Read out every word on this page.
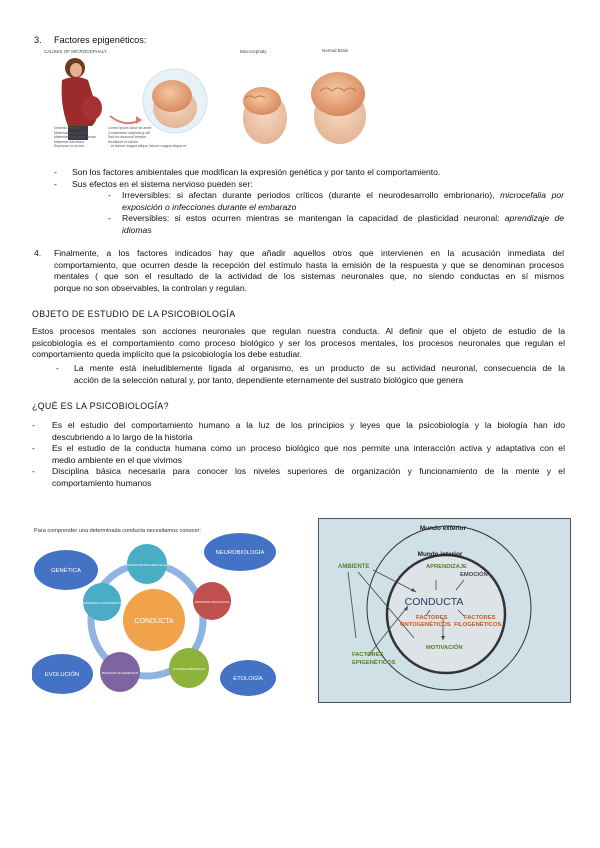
3. Factores epigenéticos:
CAUSES OF MICROCEPHALY	Microcephaly	Normal Brain
Genetic disorders
Maternal malnutrition
Maternal substance abuse
Maternal infections
Exposure to toxins...
Lorem ipsum dolor sit amet
Consectetur adipiscing elit
Sed do eiusmod tempor
Incididunt ut labore
...et dolore magna aliqua, labore magna aliqua et.
- Son los factores ambientales que modifican la expresión genética y por tanto el comportamiento.
- Sus efectos en el sistema nervioso pueden ser:
- Irreversibles: si afectan durante periodos críticos (durante el neurodesarrollo embrionario), microcefalia por
exposición o infecciones durante el embarazo
- Reversibles: si estos ocurren mientras se mantengan la capacidad de plasticidad neuronal: aprendizaje de
idiomas
4. Finalmente, a los factores indicados hay que añadir aquellos otros que intervienen en la acusación inmediata del
comportamiento, que ocurren desde la recepción del estímulo hasta la emisión de la respuesta y que se denominan procesos
mentales ( que son el resultado de la actividad de los sistemas neuronales que, no siendo conductas en sí mismos
porque no son observables, la controlan y regulan.
OBJETO DE ESTUDIO DE LA PSICOBIOLOGÍA
Estos procesos mentales son acciones neuronales que regulan nuestra conducta. Al definir que el objeto de estudio de la
psicobiología es el comportamiento como proceso biológico y ser los procesos mentales, los procesos neuronales que regulan el
comportamiento queda implícito que la psicobiología los debe estudiar.
- La mente está ineludiblemente ligada al organismo, es un producto de su actividad neuronal, consecuencia de la
acción de la selección natural y, por tanto, dependiente eternamente del sustrato biológico que genera
¿QUÉ ES LA PSICOBIOLOGÍA?
- Es el estudio del comportamiento humano a la luz de los principios y leyes que la psicobiología y la biología han ido
descubriendo a lo largo de la historia
- Es el estudio de la conducta humana como un proceso biológico que nos permite una interacción activa y adaptativa con el
medio ambiente en el que vivimos
- Disciplina básica necesaria para conocer los niveles superiores de organización y funcionamiento de la mente y el
comportamiento humanos
Para comprender una determinada conducta necesitamos conocer:
CONDUCTA
GENÉTICA
NEUROBIOLOGÍA
EVOLUCIÓN
ETOLOGÍA
MECANISMOS MOLECULARES CELULARES
PROCESOS FISIOLÓGICOS
FACTORES AMBIENTALES
DESARROLLO ONTOGENÉTICO
PROCESOS FILOGENÉTICOS
Mundo exterior
Mundo interior
CONDUCTA
AMBIENTE	APRENDIZAJE
EMOCIÓN
FACTORES ONTOGENÉTICOS
FACTORES FILOGENÉTICOS
MOTIVACIÓN
FACTORES EPIGENÉTICOS
